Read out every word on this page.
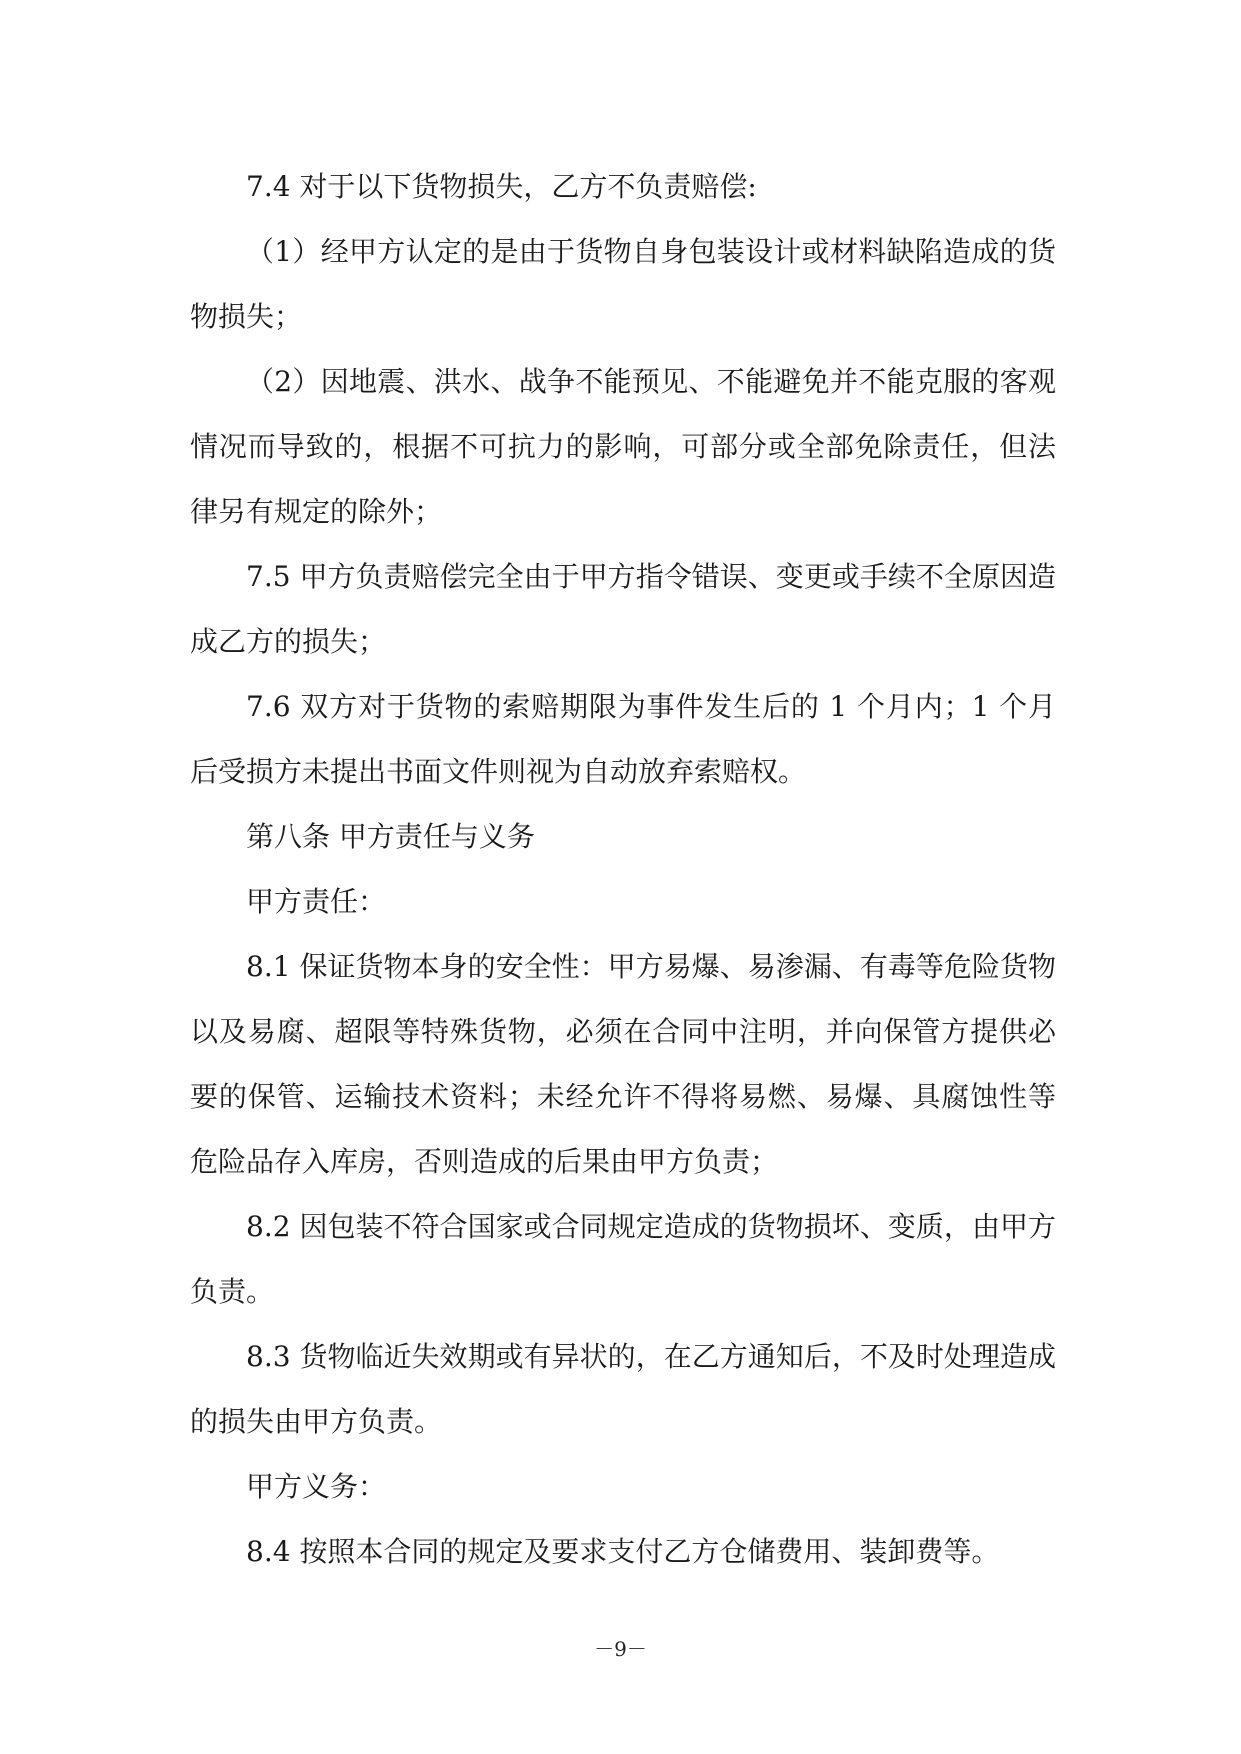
7.4 对于以下货物损失，乙方不负责赔偿:

（1）经甲方认定的是由于货物自身包装设计或材料缺陷造成的货物损失；

（2）因地震、洪水、战争不能预见、不能避免并不能克服的客观情况而导致的，根据不可抗力的影响，可部分或全部免除责任，但法律另有规定的除外；

7.5 甲方负责赔偿完全由于甲方指令错误、变更或手续不全原因造成乙方的损失；

7.6 双方对于货物的索赔期限为事件发生后的 1 个月内；1 个月后受损方未提出书面文件则视为自动放弃索赔权。

第八条 甲方责任与义务

甲方责任：

8.1 保证货物本身的安全性：甲方易爆、易渗漏、有毒等危险货物以及易腐、超限等特殊货物，必须在合同中注明，并向保管方提供必要的保管、运输技术资料；未经允许不得将易燃、易爆、具腐蚀性等危险品存入库房，否则造成的后果由甲方负责；

8.2 因包装不符合国家或合同规定造成的货物损坏、变质，由甲方负责。

8.3 货物临近失效期或有异状的，在乙方通知后，不及时处理造成的损失由甲方负责。

甲方义务：

8.4 按照本合同的规定及要求支付乙方仓储费用、装卸费等。

－9－
